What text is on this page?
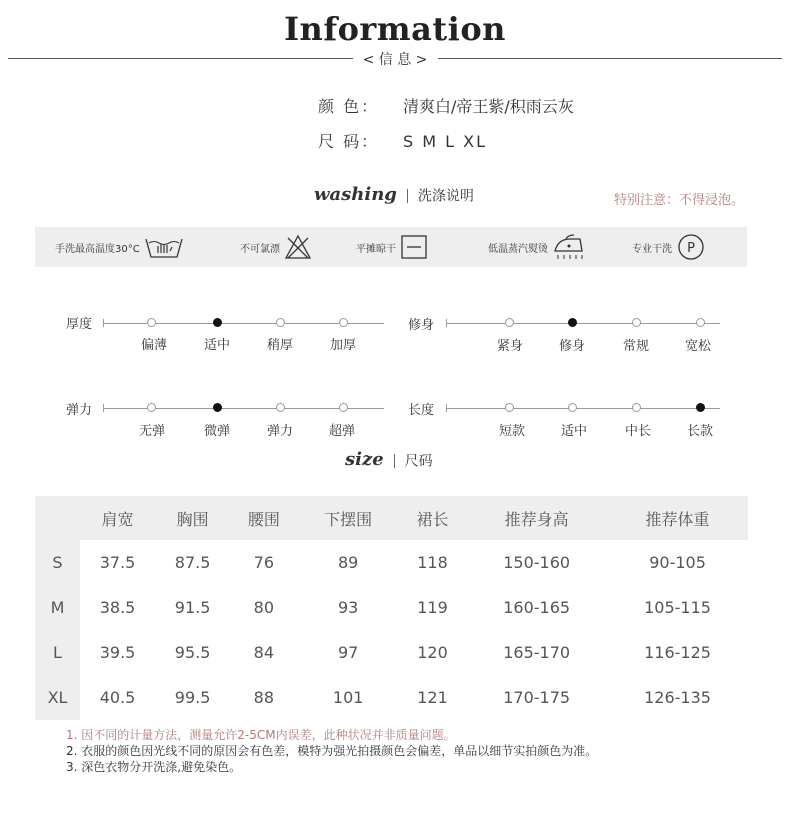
Information
< 信 息 >
颜 色： 清爽白/帝王紫/积雨云灰
尺 码： S M L XL
washing 洗涤说明	特别注意：不得浸泡。
手洗最高温度30°C	不可氯漂	平摊晾干	低温蒸汽熨烫	专业干洗 P
厚度
偏薄	适中	稍厚	加厚
修身
紧身	修身	常规	宽松
弹力
无弹	微弹	弹力	超弹
长度
短款	适中	中长	长款
size 尺码
	肩宽	胸围	腰围	下摆围	裙长	推荐身高	推荐体重
S	37.5	87.5	76	89	118	150-160	90-105
M	38.5	91.5	80	93	119	160-165	105-115
L	39.5	95.5	84	97	120	165-170	116-125
XL	40.5	99.5	88	101	121	170-175	126-135
1. 因不同的计量方法，测量允许2-5CM内误差，此种状况并非质量问题。
2. 衣服的颜色因光线不同的原因会有色差，模特为强光拍摄颜色会偏差，单品以细节实拍颜色为准。
3. 深色衣物分开洗涤,避免染色。
